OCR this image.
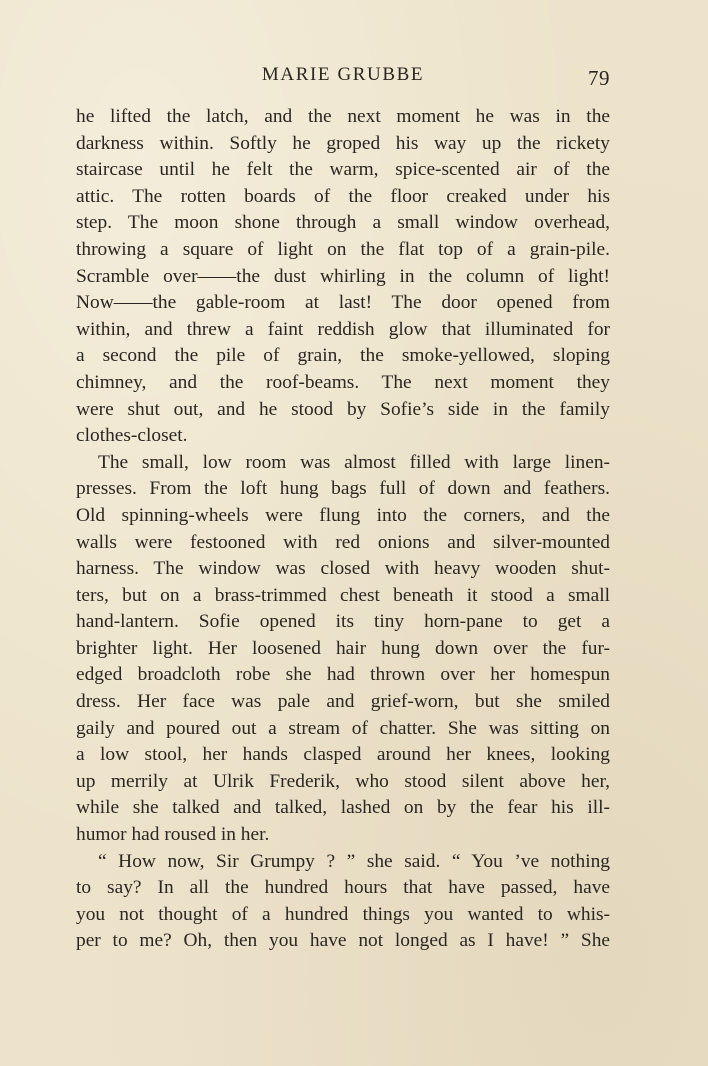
MARIE GRUBBE	79
he lifted the latch, and the next moment he was in the
darkness within. Softly he groped his way up the rickety
staircase until he felt the warm, spice-scented air of the
attic. The rotten boards of the floor creaked under his
step. The moon shone through a small window overhead,
throwing a square of light on the flat top of a grain-pile.
Scramble over——the dust whirling in the column of light!
Now——the gable-room at last! The door opened from
within, and threw a faint reddish glow that illuminated for
a second the pile of grain, the smoke-yellowed, sloping
chimney, and the roof-beams. The next moment they
were shut out, and he stood by Sofie’s side in the family
clothes-closet.
The small, low room was almost filled with large linen-
presses. From the loft hung bags full of down and feathers.
Old spinning-wheels were flung into the corners, and the
walls were festooned with red onions and silver-mounted
harness. The window was closed with heavy wooden shut-
ters, but on a brass-trimmed chest beneath it stood a small
hand-lantern. Sofie opened its tiny horn-pane to get a
brighter light. Her loosened hair hung down over the fur-
edged broadcloth robe she had thrown over her homespun
dress. Her face was pale and grief-worn, but she smiled
gaily and poured out a stream of chatter. She was sitting on
a low stool, her hands clasped around her knees, looking
up merrily at Ulrik Frederik, who stood silent above her,
while she talked and talked, lashed on by the fear his ill-
humor had roused in her.
“ How now, Sir Grumpy ? ” she said. “ You ’ve nothing
to say? In all the hundred hours that have passed, have
you not thought of a hundred things you wanted to whis-
per to me? Oh, then you have not longed as I have! ” She
